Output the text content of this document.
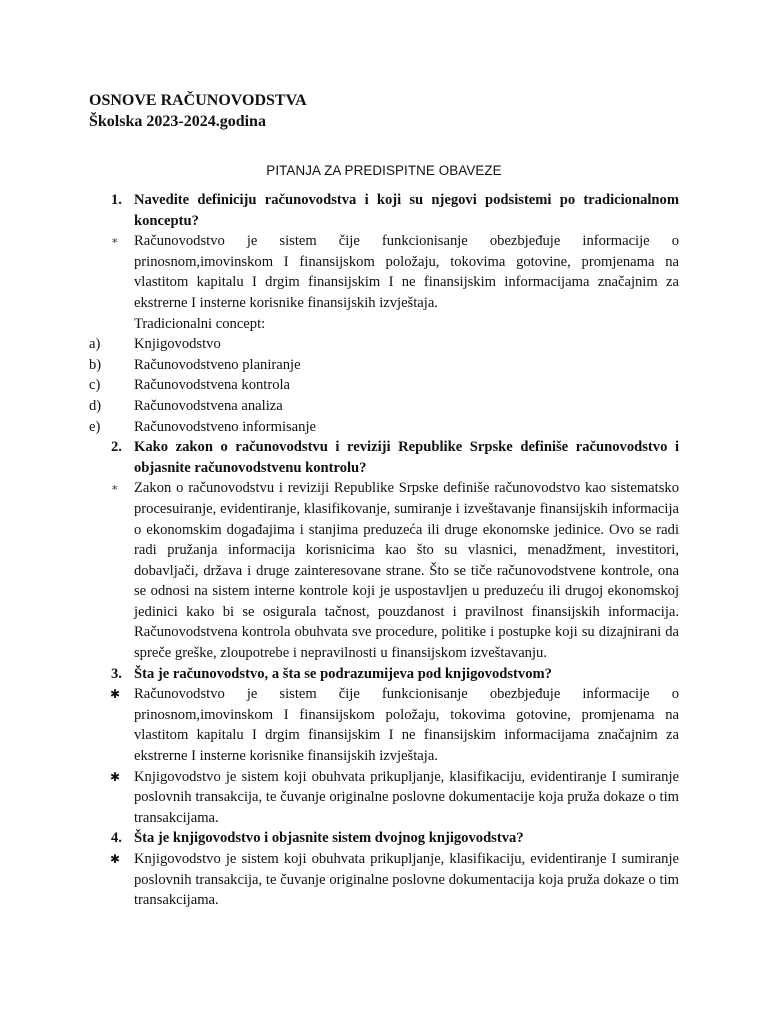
OSNOVE RAČUNOVODSTVA
Školska 2023-2024.godina
PITANJA ZA PREDISPITNE OBAVEZE
1. Navedite definiciju računovodstva i koji su njegovi podsistemi po tradicionalnom konceptu?
∗	Računovodstvo je sistem čije funkcionisanje obezbjeđuje informacije o prinosnom,imovinskom I finansijskom položaju, tokovima gotovine, promjenama na vlastitom kapitalu I drgim finansijskim I ne finansijskim informacijama značajnim za ekstrerne I insterne korisnike finansijskih izvještaja.
Tradicionalni concept:
a)	Knjigovodstvo
b)	Računovodstveno planiranje
c)	Računovodstvena kontrola
d)	Računovodstvena analiza
e)	Računovodstveno informisanje
2. Kako zakon o računovodstvu i reviziji Republike Srpske definiše računovodstvo i objasnite računovodstvenu kontrolu?
∗	Zakon o računovodstvu i reviziji Republike Srpske definiše računovodstvo kao sistematsko procesuiranje, evidentiranje, klasifikovanje, sumiranje i izveštavanje finansijskih informacija o ekonomskim događajima i stanjima preduzeća ili druge ekonomske jedinice. Ovo se radi radi pružanja informacija korisnicima kao što su vlasnici, menadžment, investitori, dobavljači, država i druge zainteresovane strane. Što se tiče računovodstvene kontrole, ona se odnosi na sistem interne kontrole koji je uspostavljen u preduzeću ili drugoj ekonomskoj jedinici kako bi se osigurala tačnost, pouzdanost i pravilnost finansijskih informacija. Računovodstvena kontrola obuhvata sve procedure, politike i postupke koji su dizajnirani da spreče greške, zloupotrebe i nepravilnosti u finansijskom izveštavanju.
3. Šta je računovodstvo, a šta se podrazumijeva pod knjigovodstvom?
✱ Računovodstvo je sistem čije funkcionisanje obezbjeđuje informacije o prinosnom,imovinskom I finansijskom položaju, tokovima gotovine, promjenama na vlastitom kapitalu I drgim finansijskim I ne finansijskim informacijama značajnim za ekstrerne I insterne korisnike finansijskih izvještaja.
✱ Knjigovodstvo je sistem koji obuhvata prikupljanje, klasifikaciju, evidentiranje I sumiranje poslovnih transakcija, te čuvanje originalne poslovne dokumentacije koja pruža dokaze o tim transakcijama.
4. Šta je knjigovodstvo i objasnite sistem dvojnog knjigovodstva?
✱ Knjigovodstvo je sistem koji obuhvata prikupljanje, klasifikaciju, evidentiranje I sumiranje poslovnih transakcija, te čuvanje originalne poslovne dokumentacija koja pruža dokaze o tim transakcijama.
